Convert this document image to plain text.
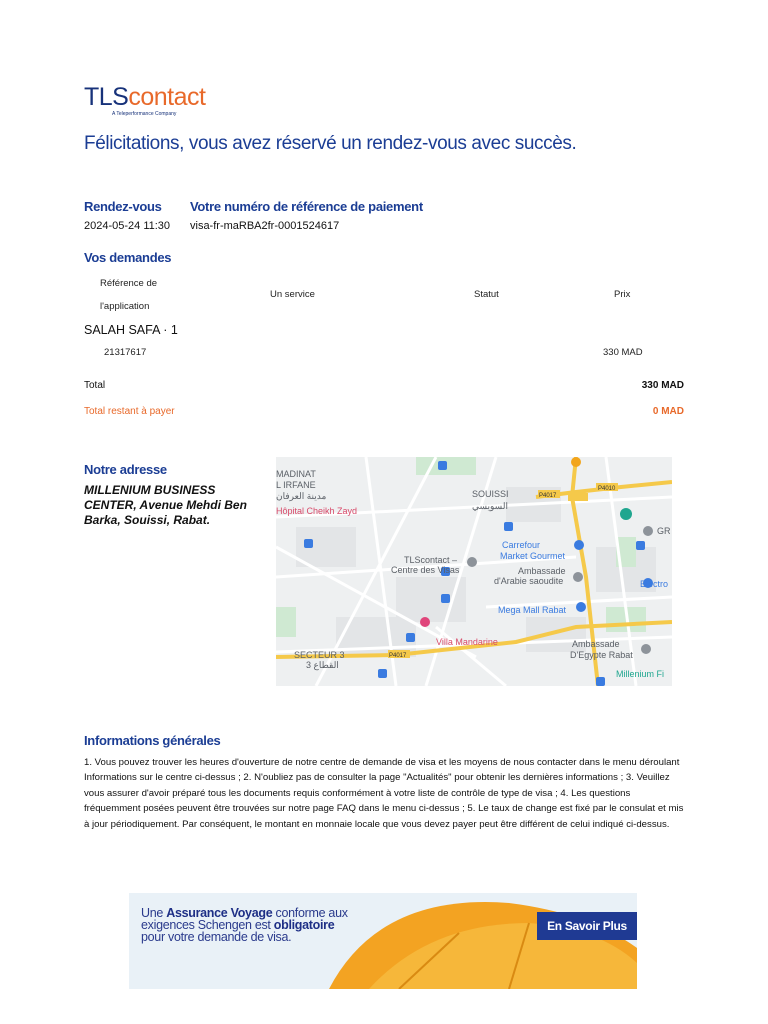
TLScontact
A Teleperformance Company
Félicitations, vous avez réservé un rendez-vous avec succès.
Rendez-vous Votre numéro de référence de paiement
2024-05-24 11:30 visa-fr-maRBA2fr-0001524617
Vos demandes
Référence de
l'application
Un service	Statut	Prix
SALAH SAFA · 1
21317617	330 MAD
Total	330 MAD
Total restant à payer	0 MAD
Notre adresse
MILLENIUM BUSINESS CENTER, Avenue Mehdi Ben Barka, Souissi, Rabat.
MADINAT
L IRFANE
مدينة العرفان
Hôpital Cheikh Zayd
SOUISSI
السويسي
P4017
P4010
P4017
Carrefour
Market Gourmet
TLScontact –
Centre des Visas	Ambassade
d'Arabie saoudite	Electro
GR
Mega Mall Rabat
Villa Mandarine
SECTEUR 3
القطاع 3
Ambassade
D'Egypte Rabat
Millenium Fi
Informations générales
1. Vous pouvez trouver les heures d'ouverture de notre centre de demande de visa et les moyens de nous contacter dans le menu déroulant Informations sur le centre ci-dessus ; 2. N'oubliez pas de consulter la page "Actualités" pour obtenir les dernières informations ; 3. Veuillez vous assurer d'avoir préparé tous les documents requis conformément à votre liste de contrôle de type de visa ; 4. Les questions fréquemment posées peuvent être trouvées sur notre page FAQ dans le menu ci-dessus ; 5. Le taux de change est fixé par le consulat et mis à jour périodiquement. Par conséquent, le montant en monnaie locale que vous devez payer peut être différent de celui indiqué ci-dessus.
Une Assurance Voyage conforme aux
exigences Schengen est obligatoire
pour votre demande de visa.
En Savoir Plus
